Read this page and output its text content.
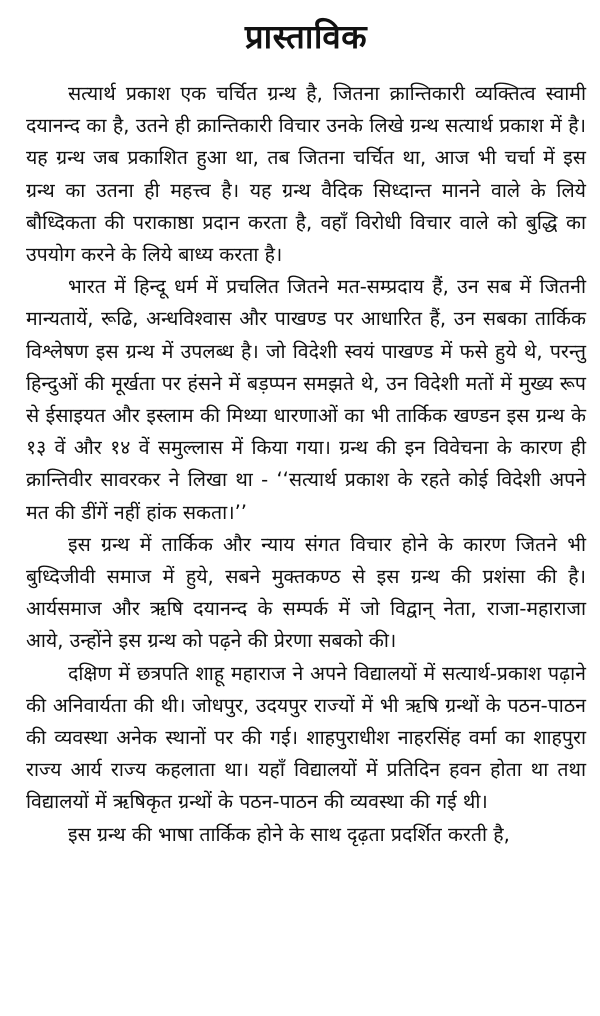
प्रास्ताविक

सत्यार्थ प्रकाश एक चर्चित ग्रन्थ है, जितना क्रान्तिकारी व्यक्तित्व स्वामी दयानन्द का है, उतने ही क्रान्तिकारी विचार उनके लिखे ग्रन्थ सत्यार्थ प्रकाश में है। यह ग्रन्थ जब प्रकाशित हुआ था, तब जितना चर्चित था, आज भी चर्चा में इस ग्रन्थ का उतना ही महत्त्व है। यह ग्रन्थ वैदिक सिध्दान्त मानने वाले के लिये बौध्दिकता की पराकाष्ठा प्रदान करता है, वहाँ विरोधी विचार वाले को बुद्धि का उपयोग करने के लिये बाध्य करता है।

भारत में हिन्दू धर्म में प्रचलित जितने मत-सम्प्रदाय हैं, उन सब में जितनी मान्यतायें, रूढि, अन्धविश्वास और पाखण्ड पर आधारित हैं, उन सबका तार्किक विश्लेषण इस ग्रन्थ में उपलब्ध है। जो विदेशी स्वयं पाखण्ड में फसे हुये थे, परन्तु हिन्दुओं की मूर्खता पर हंसने में बड़प्पन समझते थे, उन विदेशी मतों में मुख्य रूप से ईसाइयत और इस्लाम की मिथ्या धारणाओं का भी तार्किक खण्डन इस ग्रन्थ के १३ वें और १४ वें समुल्लास में किया गया। ग्रन्थ की इन विवेचना के कारण ही क्रान्तिवीर सावरकर ने लिखा था - ‘‘सत्यार्थ प्रकाश के रहते कोई विदेशी अपने मत की डींगें नहीं हांक सकता।’’

इस ग्रन्थ में तार्किक और न्याय संगत विचार होने के कारण जितने भी बुध्दिजीवी समाज में हुये, सबने मुक्तकण्ठ से इस ग्रन्थ की प्रशंसा की है। आर्यसमाज और ऋषि दयानन्द के सम्पर्क में जो विद्वान् नेता, राजा-महाराजा आये, उन्होंने इस ग्रन्थ को पढ़ने की प्रेरणा सबको की।

दक्षिण में छत्रपति शाहू महाराज ने अपने विद्यालयों में सत्यार्थ-प्रकाश पढ़ाने की अनिवार्यता की थी। जोधपुर, उदयपुर राज्यों में भी ऋषि ग्रन्थों के पठन-पाठन की व्यवस्था अनेक स्थानों पर की गई। शाहपुराधीश नाहरसिंह वर्मा का शाहपुरा राज्य आर्य राज्य कहलाता था। यहाँ विद्यालयों में प्रतिदिन हवन होता था तथा विद्यालयों में ऋषिकृत ग्रन्थों के पठन-पाठन की व्यवस्था की गई थी।

इस ग्रन्थ की भाषा तार्किक होने के साथ दृढ़ता प्रदर्शित करती है,
